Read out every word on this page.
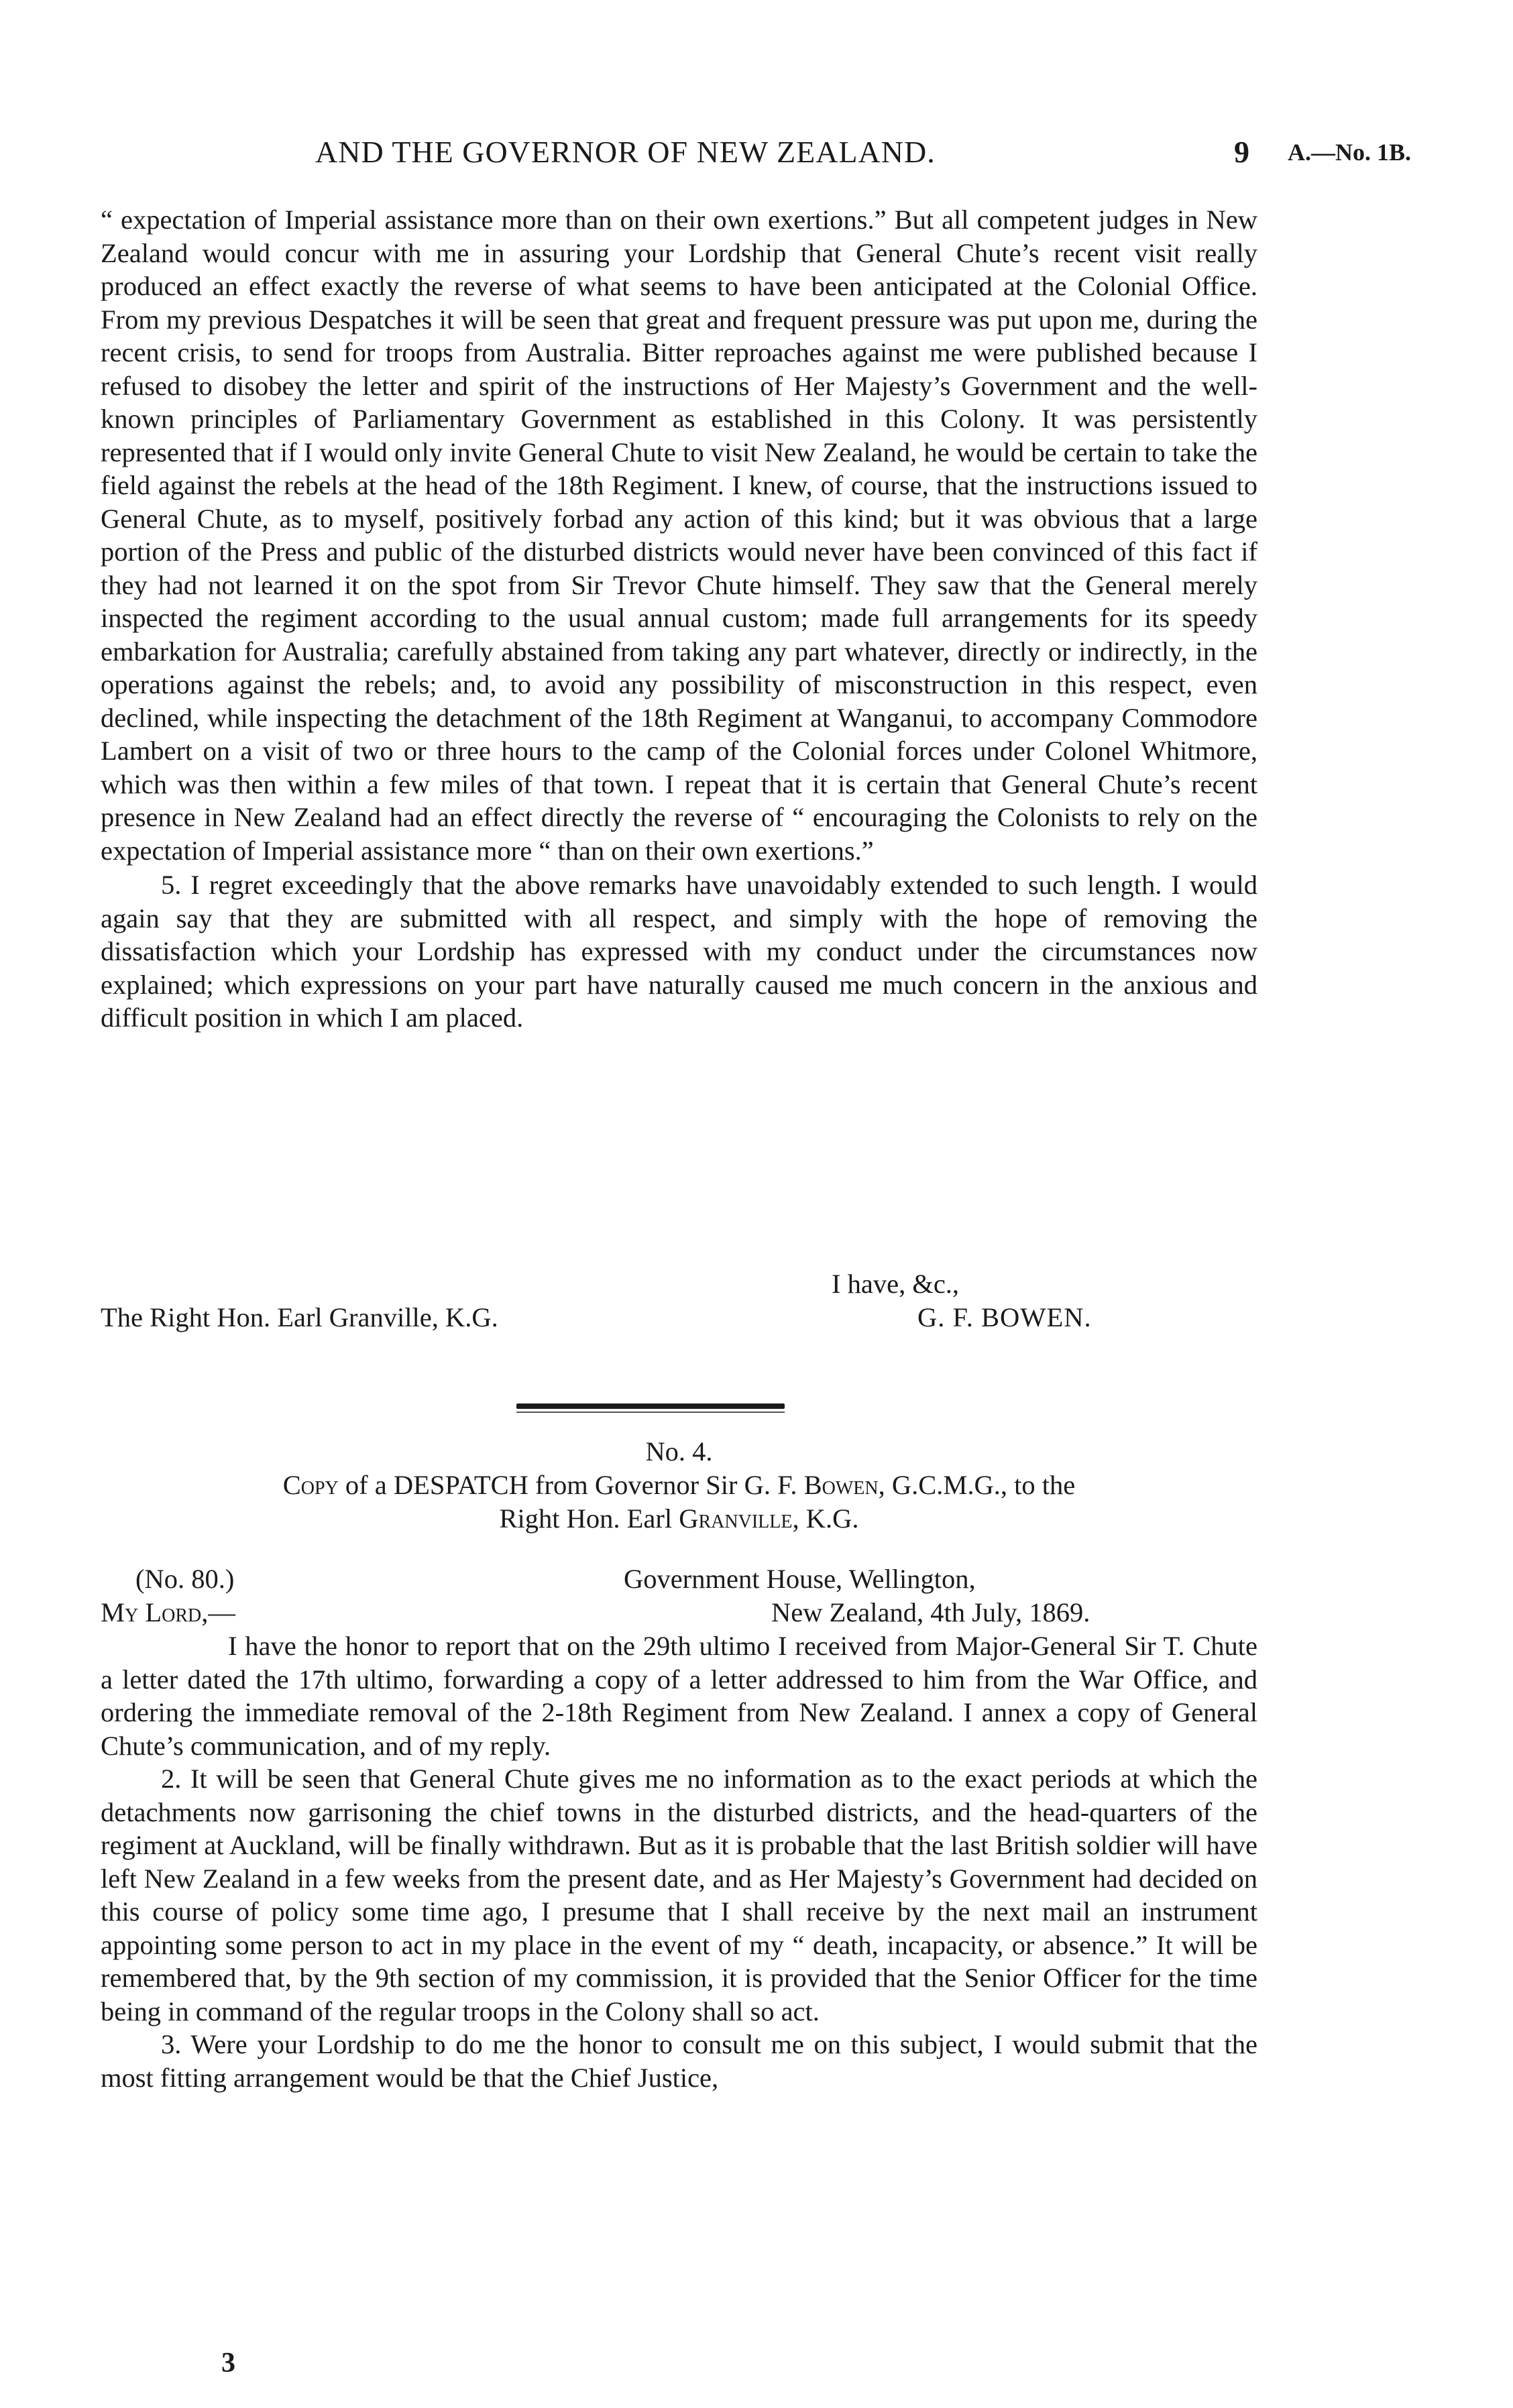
AND THE GOVERNOR OF NEW ZEALAND.	9 A.—No. 1B.

“ expectation of Imperial assistance more than on their own exertions.” But all competent judges in New Zealand would concur with me in assuring your Lordship that General Chute’s recent visit really produced an effect exactly the reverse of what seems to have been anticipated at the Colonial Office. From my previous Despatches it will be seen that great and frequent pressure was put upon me, during the recent crisis, to send for troops from Australia. Bitter reproaches against me were published because I refused to disobey the letter and spirit of the instructions of Her Majesty’s Government and the well-known principles of Parliamentary Government as established in this Colony. It was persistently represented that if I would only invite General Chute to visit New Zealand, he would be certain to take the field against the rebels at the head of the 18th Regiment. I knew, of course, that the instructions issued to General Chute, as to myself, positively forbad any action of this kind; but it was obvious that a large portion of the Press and public of the disturbed districts would never have been convinced of this fact if they had not learned it on the spot from Sir Trevor Chute himself. They saw that the General merely inspected the regiment according to the usual annual custom; made full arrangements for its speedy embarkation for Australia; carefully abstained from taking any part whatever, directly or indirectly, in the operations against the rebels; and, to avoid any possibility of misconstruction in this respect, even declined, while inspecting the detachment of the 18th Regiment at Wanganui, to accompany Commodore Lambert on a visit of two or three hours to the camp of the Colonial forces under Colonel Whitmore, which was then within a few miles of that town. I repeat that it is certain that General Chute’s recent presence in New Zealand had an effect directly the reverse of “ encouraging the Colonists to rely on the expectation of Imperial assistance more “ than on their own exertions.”

5. I regret exceedingly that the above remarks have unavoidably extended to such length. I would again say that they are submitted with all respect, and simply with the hope of removing the dissatisfaction which your Lordship has expressed with my conduct under the circumstances now explained; which expressions on your part have naturally caused me much concern in the anxious and difficult position in which I am placed.

I have, &c.,
The Right Hon. Earl Granville, K.G.	G. F. BOWEN.
No. 4.
Copy of a DESPATCH from Governor Sir G. F. Bowen, G.C.M.G., to the
Right Hon. Earl Granville, K.G.
(No. 80.)	Government House, Wellington,
My Lord,—	New Zealand, 4th July, 1869.

I have the honor to report that on the 29th ultimo I received from Major-General Sir T. Chute a letter dated the 17th ultimo, forwarding a copy of a letter addressed to him from the War Office, and ordering the immediate removal of the 2-18th Regiment from New Zealand. I annex a copy of General Chute’s communication, and of my reply.

2. It will be seen that General Chute gives me no information as to the exact periods at which the detachments now garrisoning the chief towns in the disturbed districts, and the head-quarters of the regiment at Auckland, will be finally withdrawn. But as it is probable that the last British soldier will have left New Zealand in a few weeks from the present date, and as Her Majesty’s Government had decided on this course of policy some time ago, I presume that I shall receive by the next mail an instrument appointing some person to act in my place in the event of my “ death, incapacity, or absence.” It will be remembered that, by the 9th section of my commission, it is provided that the Senior Officer for the time being in command of the regular troops in the Colony shall so act.

3. Were your Lordship to do me the honor to consult me on this subject, I would submit that the most fitting arrangement would be that the Chief Justice,

3
